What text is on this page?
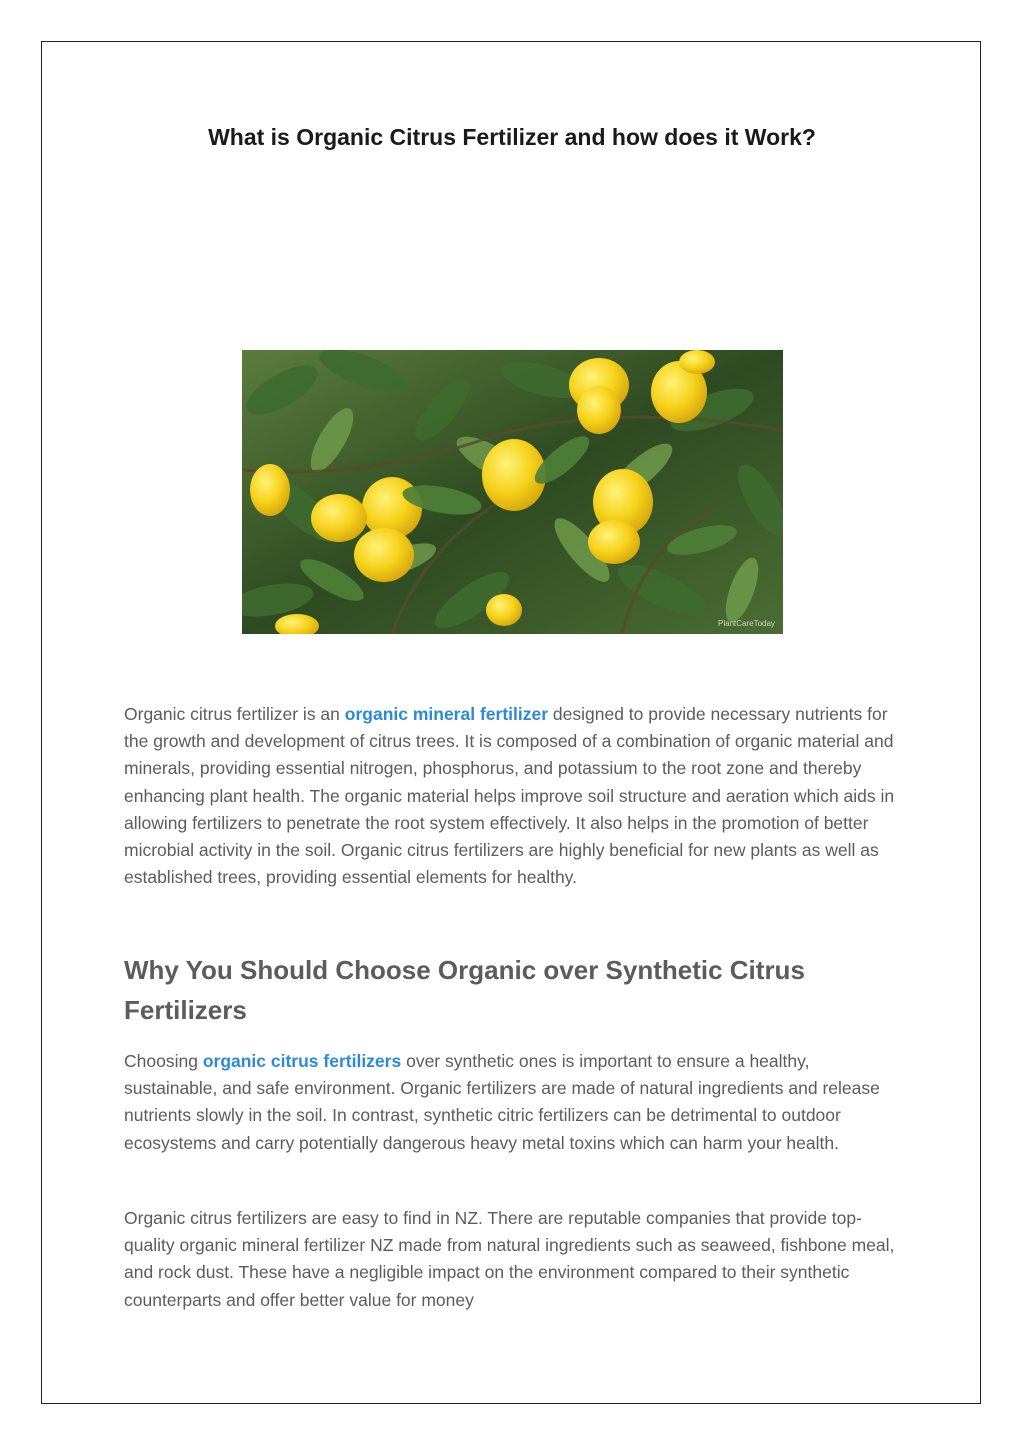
What is Organic Citrus Fertilizer and how does it Work?
PlantCareToday

Organic citrus fertilizer is an organic mineral fertilizer designed to provide necessary nutrients for the growth and development of citrus trees. It is composed of a combination of organic material and minerals, providing essential nitrogen, phosphorus, and potassium to the root zone and thereby enhancing plant health. The organic material helps improve soil structure and aeration which aids in allowing fertilizers to penetrate the root system effectively. It also helps in the promotion of better microbial activity in the soil. Organic citrus fertilizers are highly beneficial for new plants as well as established trees, providing essential elements for healthy.

Why You Should Choose Organic over Synthetic Citrus Fertilizers

Choosing organic citrus fertilizers over synthetic ones is important to ensure a healthy, sustainable, and safe environment. Organic fertilizers are made of natural ingredients and release nutrients slowly in the soil. In contrast, synthetic citric fertilizers can be detrimental to outdoor ecosystems and carry potentially dangerous heavy metal toxins which can harm your health.

Organic citrus fertilizers are easy to find in NZ. There are reputable companies that provide top-quality organic mineral fertilizer NZ made from natural ingredients such as seaweed, fishbone meal, and rock dust. These have a negligible impact on the environment compared to their synthetic counterparts and offer better value for money
